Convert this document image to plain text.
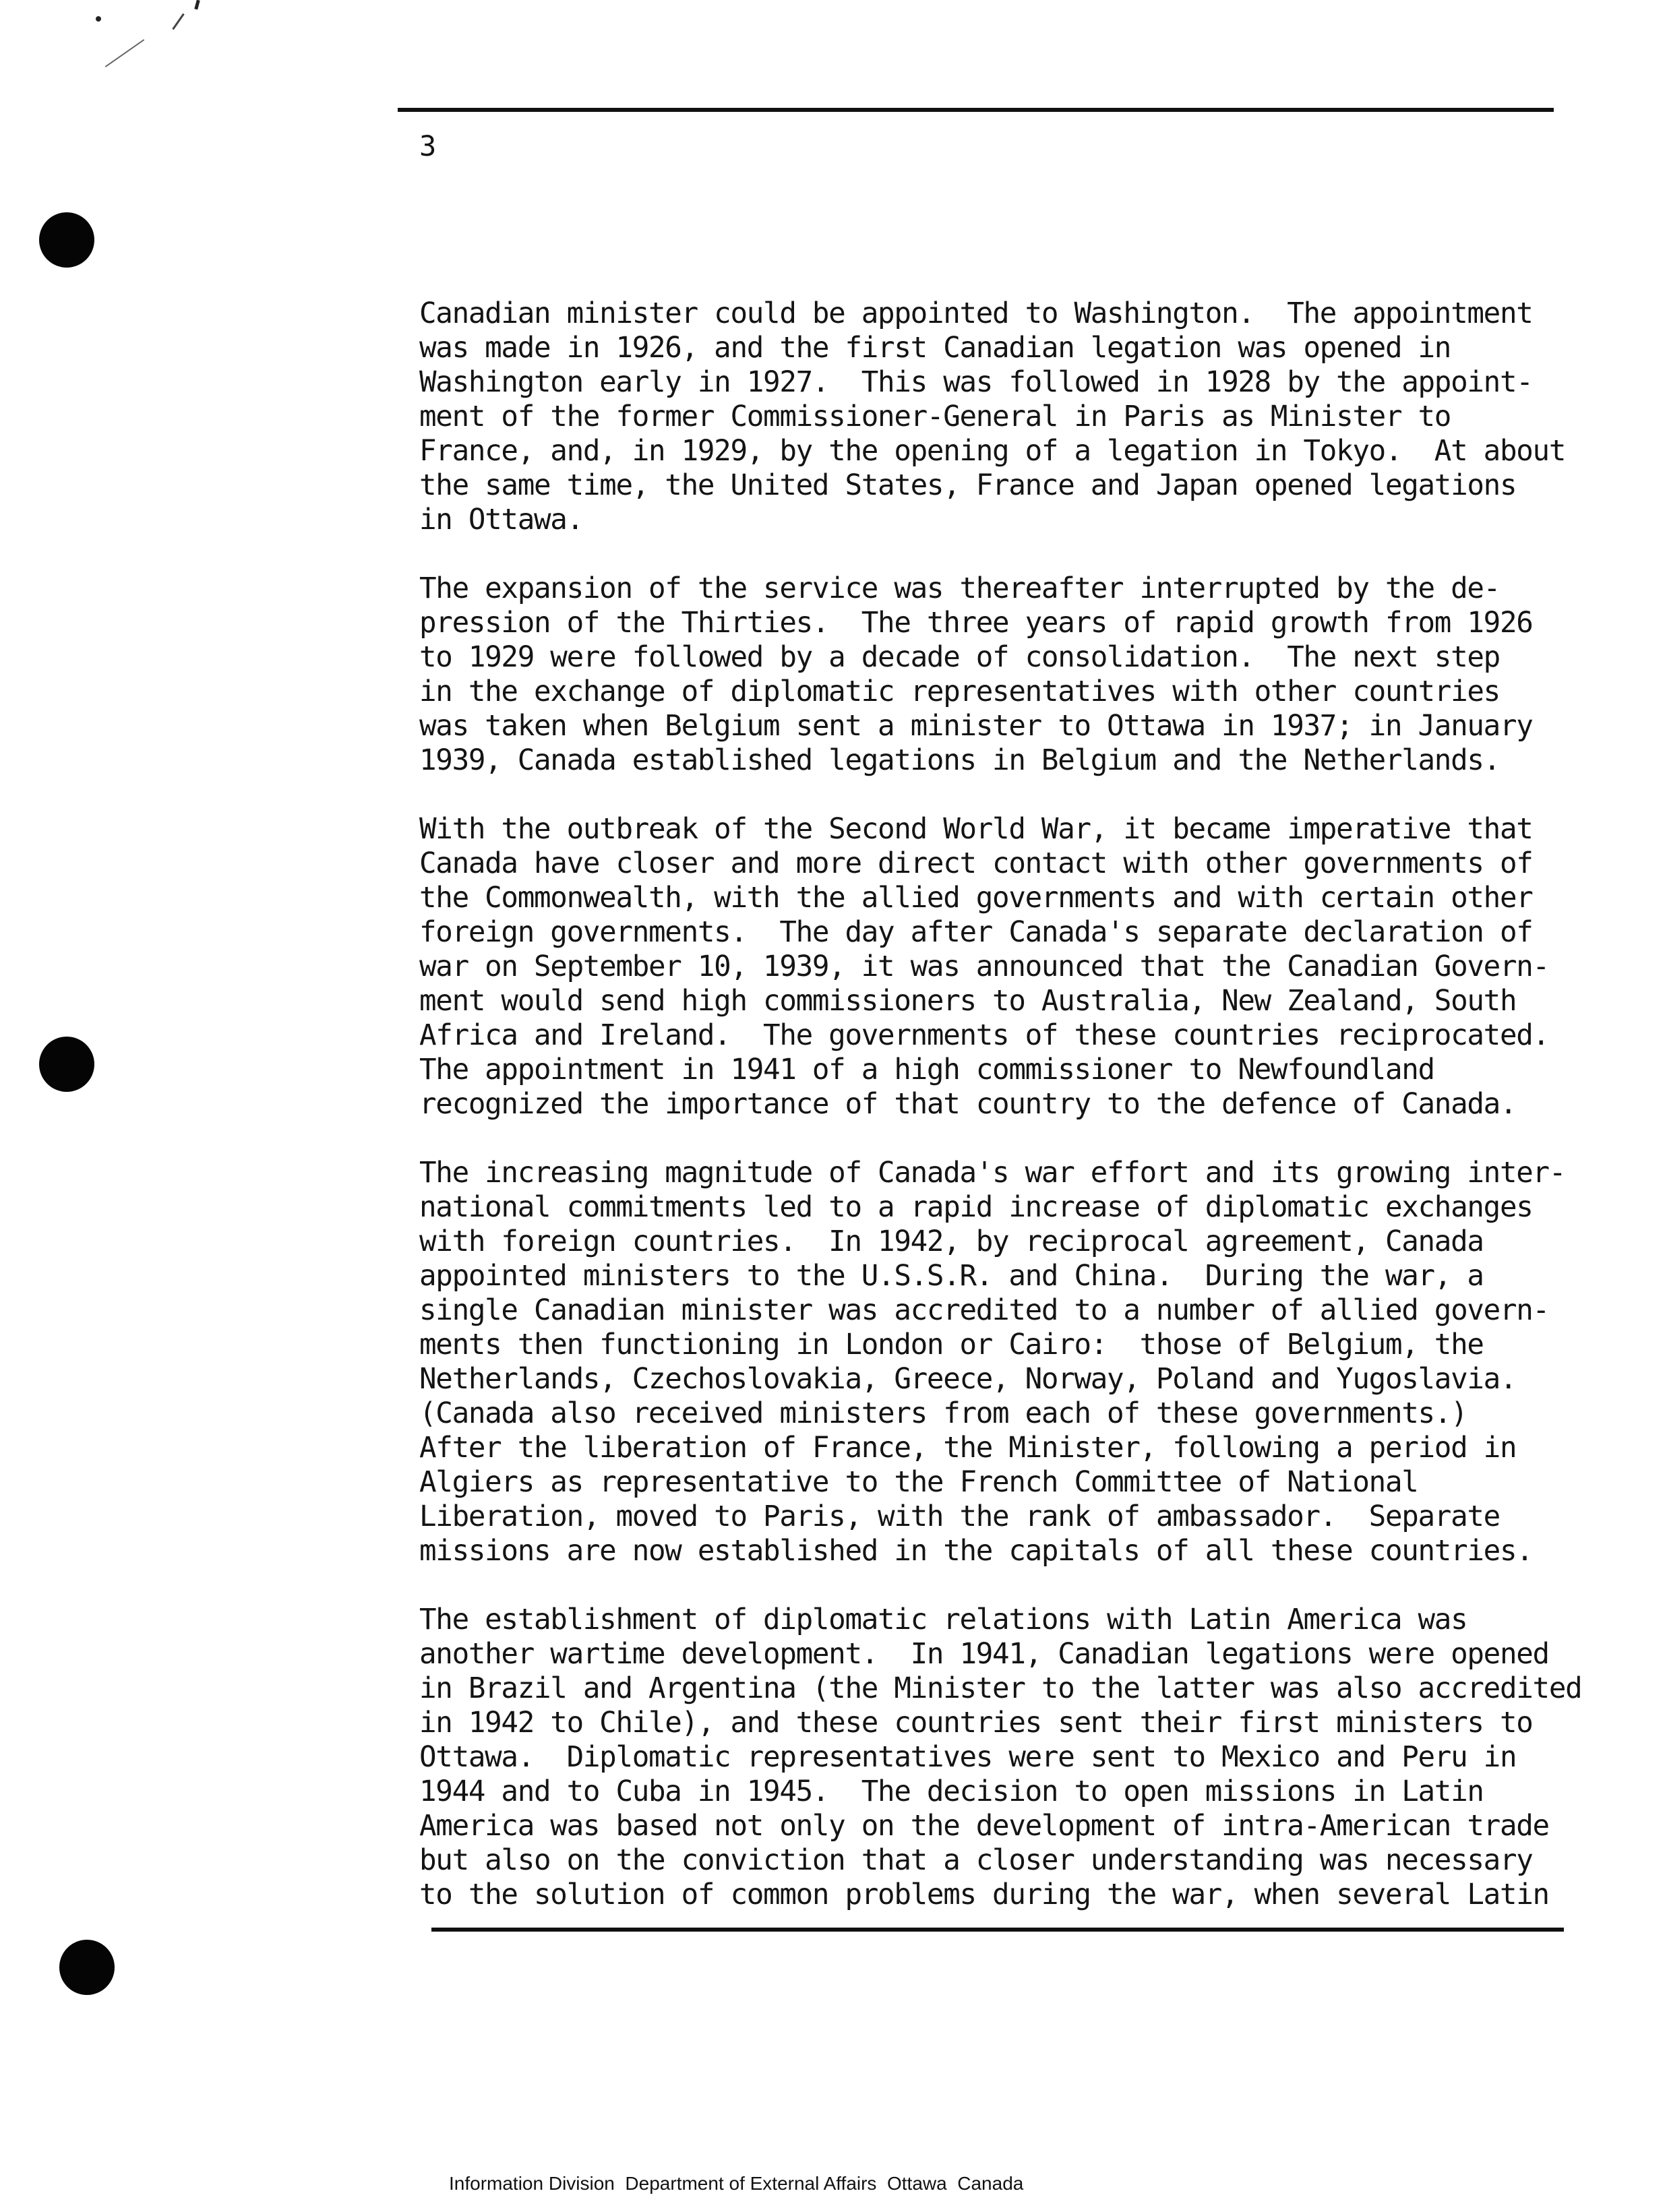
3
Canadian minister could be appointed to Washington.  The appointment
was made in 1926, and the first Canadian legation was opened in
Washington early in 1927.  This was followed in 1928 by the appoint-
ment of the former Commissioner-General in Paris as Minister to
France, and, in 1929, by the opening of a legation in Tokyo.  At about
the same time, the United States, France and Japan opened legations
in Ottawa.
The expansion of the service was thereafter interrupted by the de-
pression of the Thirties.  The three years of rapid growth from 1926
to 1929 were followed by a decade of consolidation.  The next step
in the exchange of diplomatic representatives with other countries
was taken when Belgium sent a minister to Ottawa in 1937; in January
1939, Canada established legations in Belgium and the Netherlands.
With the outbreak of the Second World War, it became imperative that
Canada have closer and more direct contact with other governments of
the Commonwealth, with the allied governments and with certain other
foreign governments.  The day after Canada's separate declaration of
war on September 10, 1939, it was announced that the Canadian Govern-
ment would send high commissioners to Australia, New Zealand, South
Africa and Ireland.  The governments of these countries reciprocated.
The appointment in 1941 of a high commissioner to Newfoundland
recognized the importance of that country to the defence of Canada.
The increasing magnitude of Canada's war effort and its growing inter-
national commitments led to a rapid increase of diplomatic exchanges
with foreign countries.  In 1942, by reciprocal agreement, Canada
appointed ministers to the U.S.S.R. and China.  During the war, a
single Canadian minister was accredited to a number of allied govern-
ments then functioning in London or Cairo:  those of Belgium, the
Netherlands, Czechoslovakia, Greece, Norway, Poland and Yugoslavia.
(Canada also received ministers from each of these governments.)
After the liberation of France, the Minister, following a period in
Algiers as representative to the French Committee of National
Liberation, moved to Paris, with the rank of ambassador.  Separate
missions are now established in the capitals of all these countries.
The establishment of diplomatic relations with Latin America was
another wartime development.  In 1941, Canadian legations were opened
in Brazil and Argentina (the Minister to the latter was also accredited
in 1942 to Chile), and these countries sent their first ministers to
Ottawa.  Diplomatic representatives were sent to Mexico and Peru in
1944 and to Cuba in 1945.  The decision to open missions in Latin
America was based not only on the development of intra-American trade
but also on the conviction that a closer understanding was necessary
to the solution of common problems during the war, when several Latin
Information Division  Department of External Affairs  Ottawa  Canada
